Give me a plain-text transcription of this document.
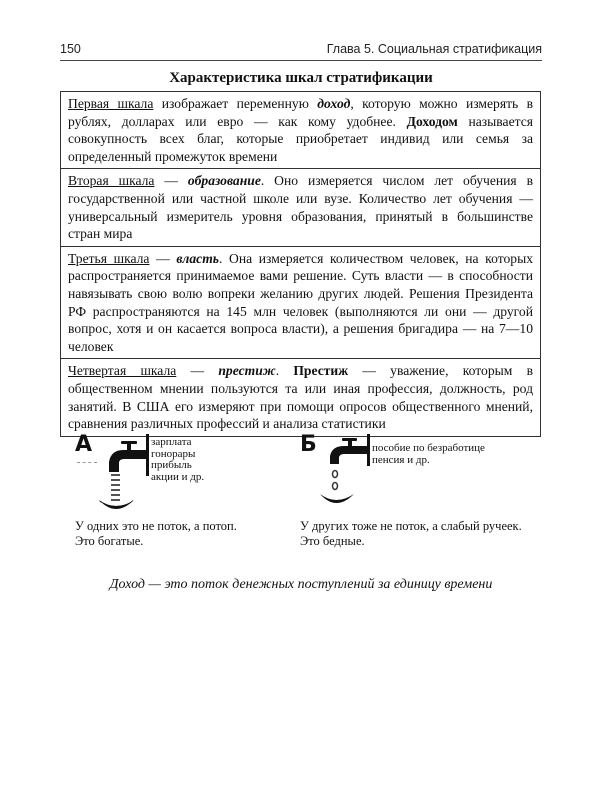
150	Глава 5. Социальная стратификация
Характеристика шкал стратификации
Первая шкала изображает переменную доход, которую можно измерять в рублях, долларах или евро — как кому удобнее. Доходом называется совокупность всех благ, которые приобретает индивид или семья за определенный промежуток времени
Вторая шкала — образование. Оно измеряется числом лет обучения в государственной или частной школе или вузе. Количество лет обучения — универсальный измеритель уровня образования, принятый в большинстве стран мира
Третья шкала — власть. Она измеряется количеством человек, на которых распространяется принимаемое вами решение. Суть власти — в способности навязывать свою волю вопреки желанию других людей. Решения Президента РФ распространяются на 145 млн человек (выполняются ли они — другой вопрос, хотя и он касается вопроса власти), а решения бригадира — на 7—10 человек
Четвертая шкала — престиж. Престиж — уважение, которым в общественном мнении пользуются та или иная профессия, должность, род занятий. В США его измеряют при помощи опросов общественного мнений, сравнения различных профессий и анализа статистики
А	зарплата
гонорары
прибыль
акции и др.
У одних это не поток, а потоп.
Это богатые.
Б	пособие по безработице
пенсия и др.
У других тоже не поток, а слабый ручеек.
Это бедные.
Доход — это поток денежных поступлений за единицу времени
